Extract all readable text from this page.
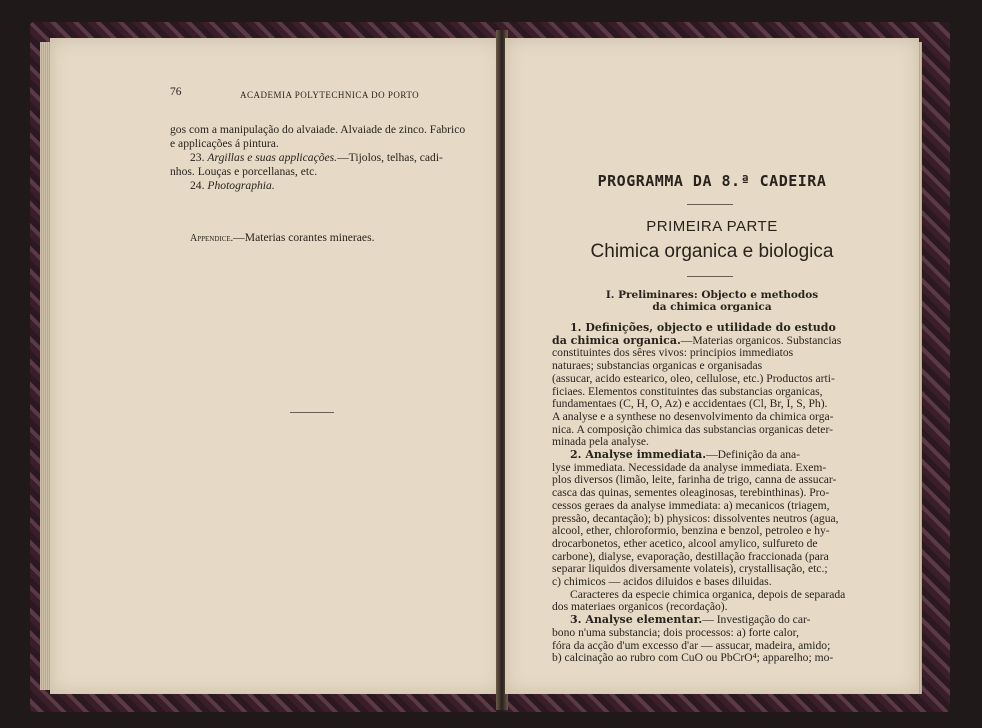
76	ACADEMIA POLYTECHNICA DO PORTO
gos com a manipulação do alvaiade. Alvaiade de zinco. Fabrico
e applicações á pintura.
23. Argillas e suas applicações.—Tijolos, telhas, cadi-
nhos. Louças e porcellanas, etc.
24. Photographia.
Appendice.—Materias corantes mineraes.
PROGRAMMA DA 8.ª CADEIRA
PRIMEIRA PARTE
Chimica organica e biologica
I. Preliminares: Objecto e methodos
da chimica organica
1. Definições, objecto e utilidade do estudo
da chimica organica.—Materias organicos. Substancias
constituintes dos sêres vivos: principios immediatos
naturaes; substancias organicas e organisadas
(assucar, acido estearico, oleo, cellulose, etc.) Productos arti-
ficiaes. Elementos constituintes das substancias organicas,
fundamentaes (C, H, O, Az) e accidentaes (Cl, Br, I, S, Ph).
A analyse e a synthese no desenvolvimento da chimica orga-
nica. A composição chimica das substancias organicas deter-
minada pela analyse.
2. Analyse immediata.—Definição da ana-
lyse immediata. Necessidade da analyse immediata. Exem-
plos diversos (limão, leite, farinha de trigo, canna de assucar-
casca das quinas, sementes oleaginosas, terebinthinas). Pro-
cessos geraes da analyse immediata: a) mecanicos (triagem,
pressão, decantação); b) physicos: dissolventes neutros (agua,
alcool, ether, chloroformio, benzina e benzol, petroleo e hy-
drocarbonetos, ether acetico, alcool amylico, sulfureto de
carbone), dialyse, evaporação, destillação fraccionada (para
separar liquidos diversamente volateis), crystallisação, etc.;
c) chimicos — acidos diluidos e bases diluidas.
Caracteres da especie chimica organica, depois de separada
dos materiaes organicos (recordação).
3. Analyse elementar.— Investigação do car-
bono n'uma substancia; dois processos: a) forte calor,
fóra da acção d'um excesso d'ar — assucar, madeira, amido;
b) calcinação ao rubro com CuO ou PbCrO⁴; apparelho; mo-
